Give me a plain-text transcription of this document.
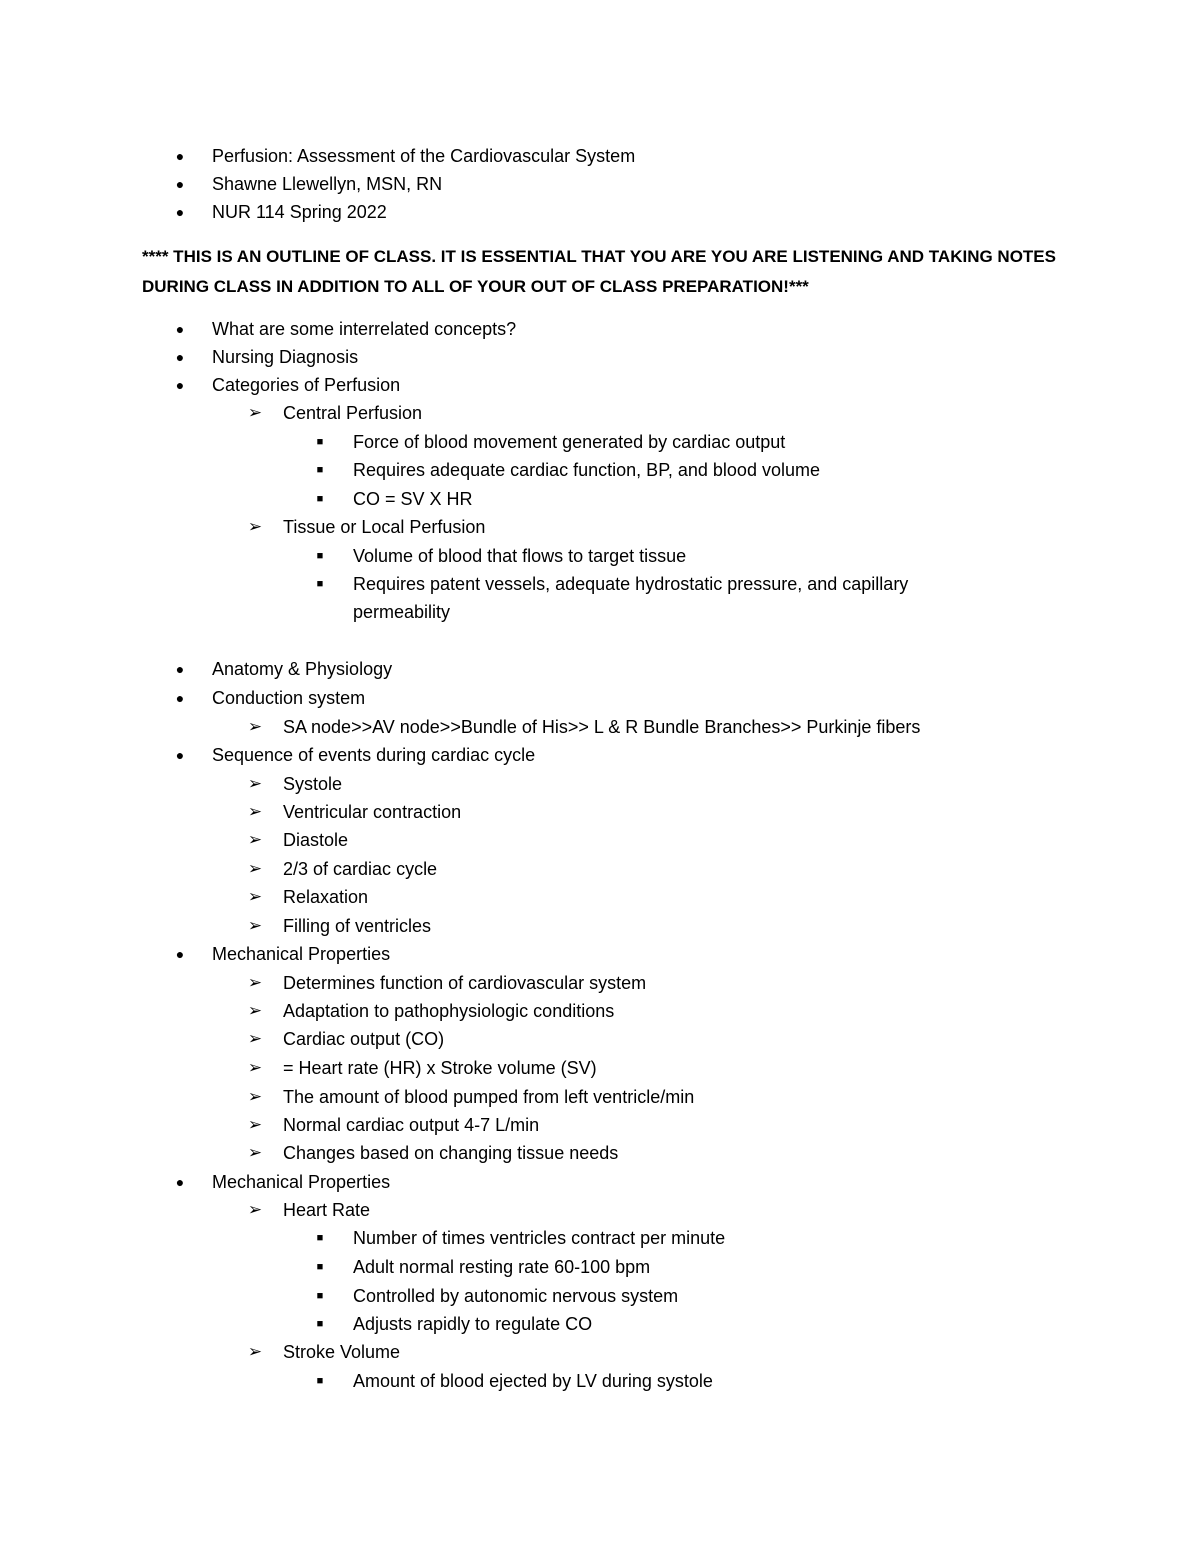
●	Perfusion: Assessment of the Cardiovascular System
●	Shawne Llewellyn, MSN, RN
●	NUR 114 Spring 2022
**** THIS IS AN OUTLINE OF CLASS. IT IS ESSENTIAL THAT YOU ARE YOU ARE LISTENING AND TAKING NOTES DURING CLASS IN ADDITION TO ALL OF YOUR OUT OF CLASS PREPARATION!***
●	What are some interrelated concepts?
●	Nursing Diagnosis
●	Categories of Perfusion
➢ Central Perfusion
■ Force of blood movement generated by cardiac output
■ Requires adequate cardiac function, BP, and blood volume
■ CO = SV X HR
➢ Tissue or Local Perfusion
■ Volume of blood that flows to target tissue
■ Requires patent vessels, adequate hydrostatic pressure, and capillary
permeability
●	Anatomy & Physiology
●	Conduction system
➢ SA node>>AV node>>Bundle of His>> L & R Bundle Branches>> Purkinje fibers
●	Sequence of events during cardiac cycle
➢ Systole
➢ Ventricular contraction
➢ Diastole
➢ 2/3 of cardiac cycle
➢ Relaxation
➢ Filling of ventricles
●	Mechanical Properties
➢ Determines function of cardiovascular system
➢ Adaptation to pathophysiologic conditions
➢ Cardiac output (CO)
➢ = Heart rate (HR) x Stroke volume (SV)
➢ The amount of blood pumped from left ventricle/min
➢ Normal cardiac output 4-7 L/min
➢ Changes based on changing tissue needs
●	Mechanical Properties
➢ Heart Rate
■ Number of times ventricles contract per minute
■ Adult normal resting rate 60-100 bpm
■ Controlled by autonomic nervous system
■ Adjusts rapidly to regulate CO
➢ Stroke Volume
■ Amount of blood ejected by LV during systole
